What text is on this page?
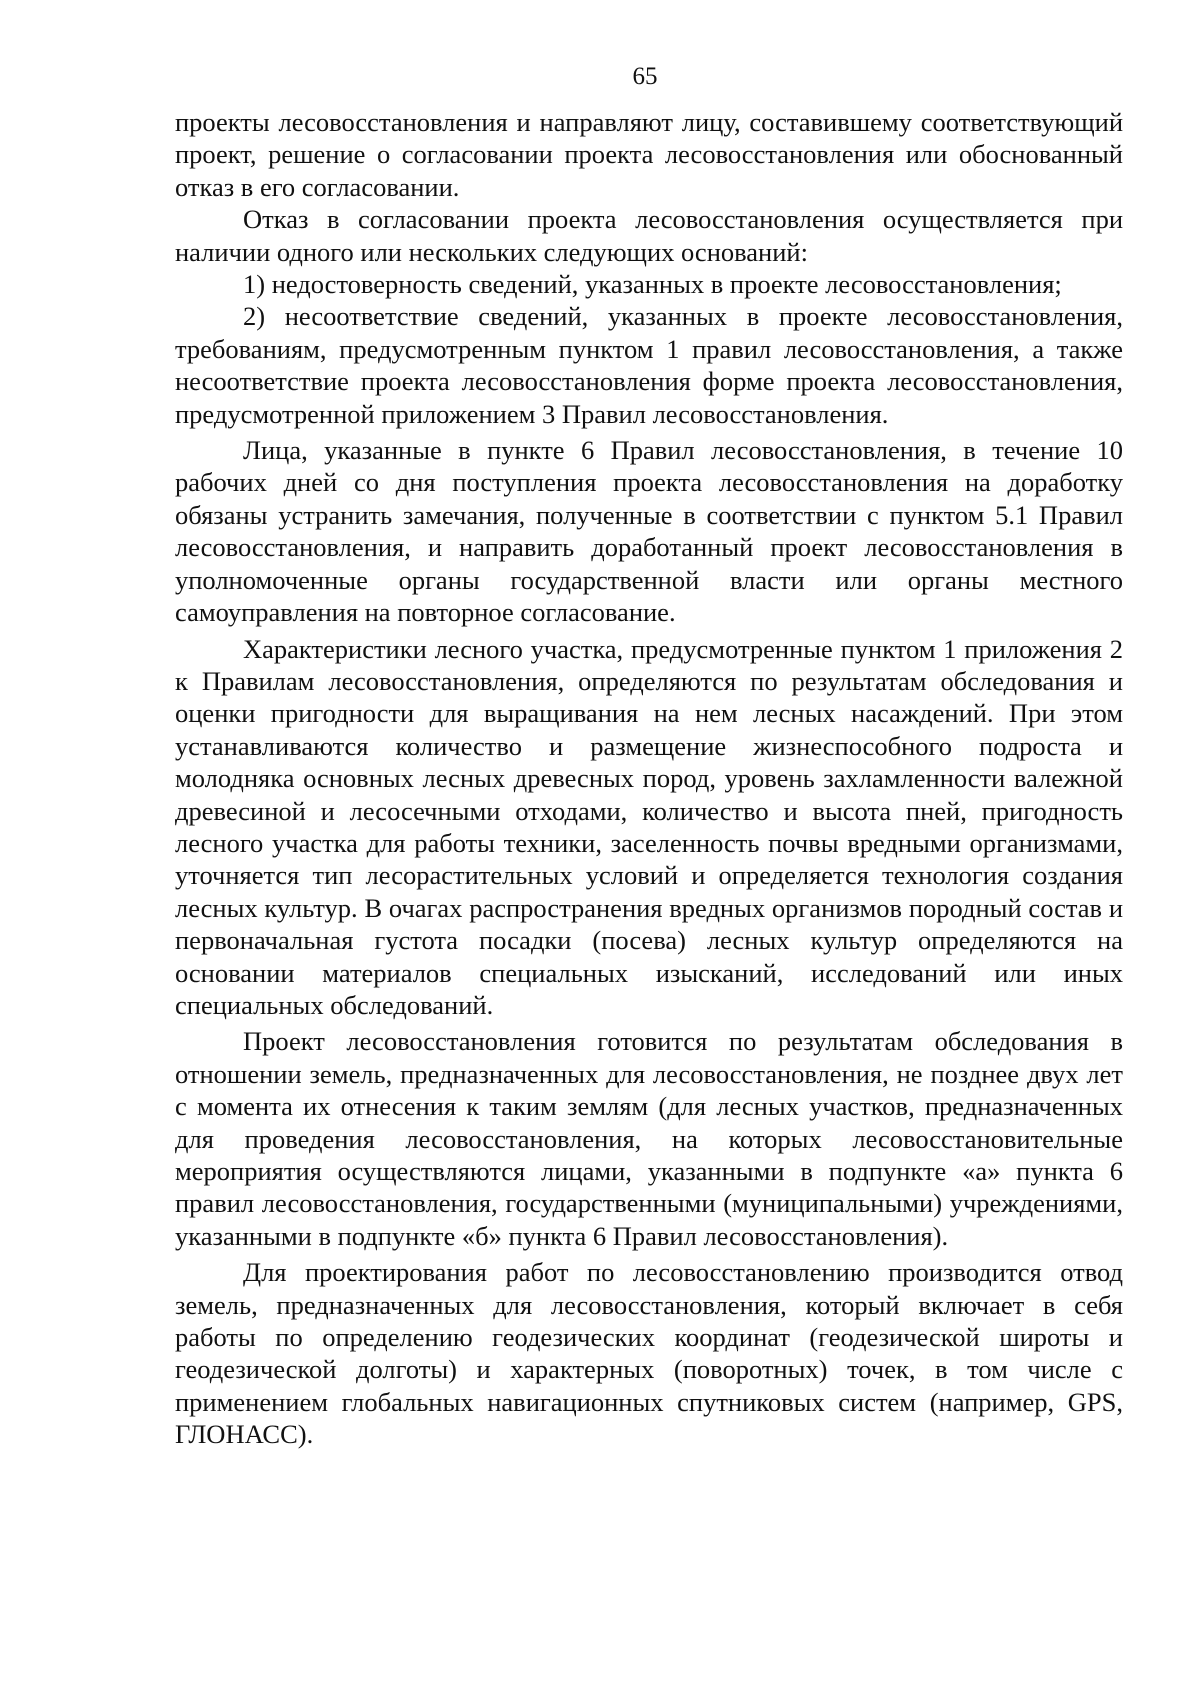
65

проекты лесовосстановления и направляют лицу, составившему соответствующий проект, решение о согласовании проекта лесовосстановления или обоснованный отказ в его согласовании.

Отказ в согласовании проекта лесовосстановления осуществляется при наличии одного или нескольких следующих оснований:

1) недостоверность сведений, указанных в проекте лесовосстановления;

2) несоответствие сведений, указанных в проекте лесовосстановления, требованиям, предусмотренным пунктом 1 правил лесовосстановления, а также несоответствие проекта лесовосстановления форме проекта лесовосстановления, предусмотренной приложением 3 Правил лесовосстановления.

Лица, указанные в пункте 6 Правил лесовосстановления, в течение 10 рабочих дней со дня поступления проекта лесовосстановления на доработку обязаны устранить замечания, полученные в соответствии с пунктом 5.1 Правил лесовосстановления, и направить доработанный проект лесовосстановления в уполномоченные органы государственной власти или органы местного самоуправления на повторное согласование.

Характеристики лесного участка, предусмотренные пунктом 1 приложения 2 к Правилам лесовосстановления, определяются по результатам обследования и оценки пригодности для выращивания на нем лесных насаждений. При этом устанавливаются количество и размещение жизнеспособного подроста и молодняка основных лесных древесных пород, уровень захламленности валежной древесиной и лесосечными отходами, количество и высота пней, пригодность лесного участка для работы техники, заселенность почвы вредными организмами, уточняется тип лесорастительных условий и определяется технология создания лесных культур. В очагах распространения вредных организмов породный состав и первоначальная густота посадки (посева) лесных культур определяются на основании материалов специальных изысканий, исследований или иных специальных обследований.

Проект лесовосстановления готовится по результатам обследования в отношении земель, предназначенных для лесовосстановления, не позднее двух лет с момента их отнесения к таким землям (для лесных участков, предназначенных для проведения лесовосстановления, на которых лесовосстановительные мероприятия осуществляются лицами, указанными в подпункте «а» пункта 6 правил лесовосстановления, государственными (муниципальными) учреждениями, указанными в подпункте «б» пункта 6 Правил лесовосстановления).

Для проектирования работ по лесовосстановлению производится отвод земель, предназначенных для лесовосстановления, который включает в себя работы по определению геодезических координат (геодезической широты и геодезической долготы) и характерных (поворотных) точек, в том числе с применением глобальных навигационных спутниковых систем (например, GPS, ГЛОНАСС).
